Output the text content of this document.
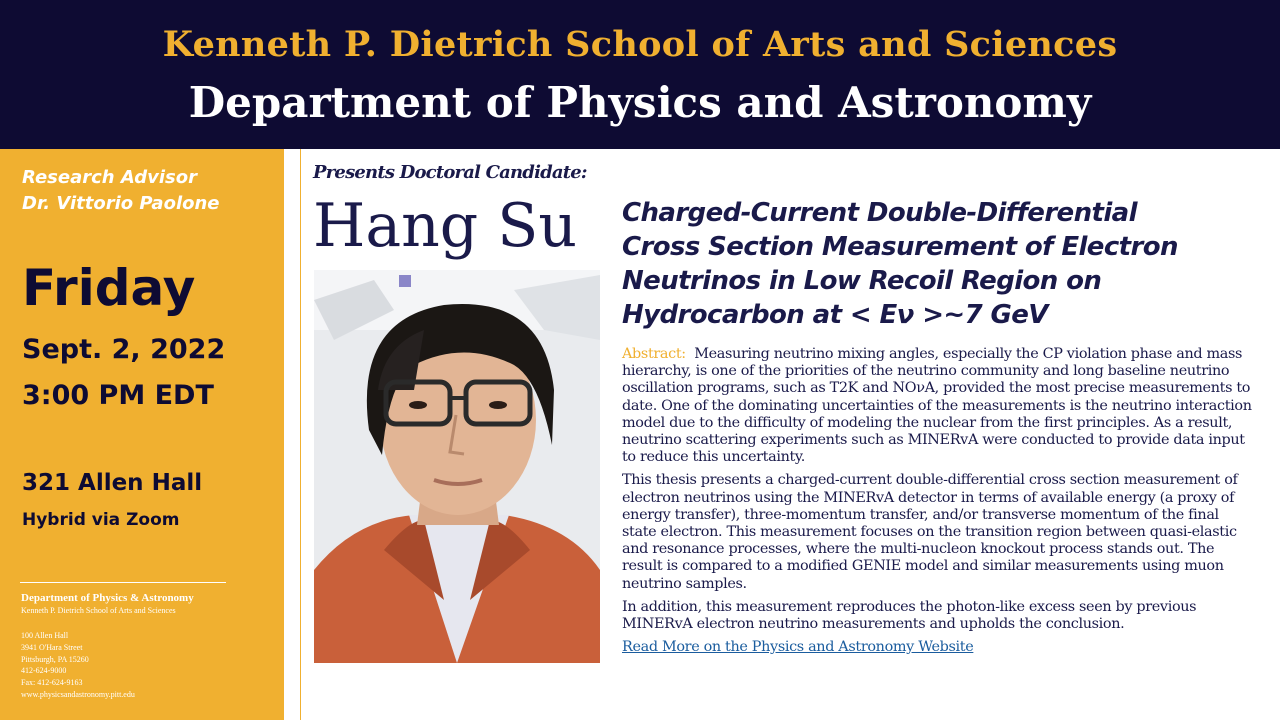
Kenneth P. Dietrich School of Arts and Sciences
Department of Physics and Astronomy
Research Advisor
Dr. Vittorio Paolone
Friday
Sept. 2, 2022
3:00 PM EDT
321 Allen Hall
Hybrid via Zoom
Department of Physics & Astronomy
Kenneth P. Dietrich School of Arts and Sciences
100 Allen Hall
3941 O'Hara Street
Pittsburgh, PA 15260
412-624-9000
Fax: 412-624-9163
www.physicsandastronomy.pitt.edu
Presents Doctoral Candidate:
Hang Su Charged-Current Double-Differential
Cross Section Measurement of Electron
Neutrinos in Low Recoil Region on
Hydrocarbon at < Eν >~7 GeV

Abstract: Measuring neutrino mixing angles, especially the CP violation phase and mass hierarchy, is one of the priorities of the neutrino community and long baseline neutrino oscillation programs, such as T2K and NOνA, provided the most precise measurements to date. One of the dominating uncertainties of the measurements is the neutrino interaction model due to the difficulty of modeling the nuclear from the first principles. As a result, neutrino scattering experiments such as MINERvA were conducted to provide data input to reduce this uncertainty.

This thesis presents a charged-current double-differential cross section measurement of electron neutrinos using the MINERvA detector in terms of available energy (a proxy of energy transfer), three-momentum transfer, and/or transverse momentum of the final state electron. This measurement focuses on the transition region between quasi-elastic and resonance processes, where the multi-nucleon knockout process stands out. The result is compared to a modified GENIE model and similar measurements using muon neutrino samples.

In addition, this measurement reproduces the photon-like excess seen by previous MINERvA electron neutrino measurements and upholds the conclusion.

Read More on the Physics and Astronomy Website
